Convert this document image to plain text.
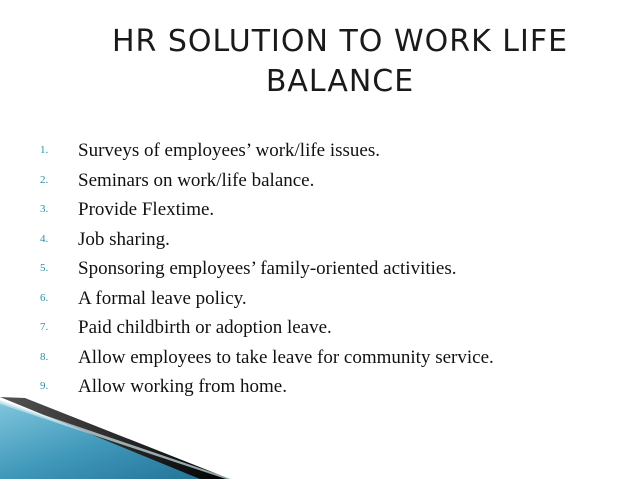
HR SOLUTION TO WORK LIFE
BALANCE
1. Surveys of employees’ work/life issues.
2. Seminars on work/life balance.
3. Provide Flextime.
4. Job sharing.
5. Sponsoring employees’ family-oriented activities.
6. A formal leave policy.
7. Paid childbirth or adoption leave.
8. Allow employees to take leave for community service.
9. Allow working from home.
